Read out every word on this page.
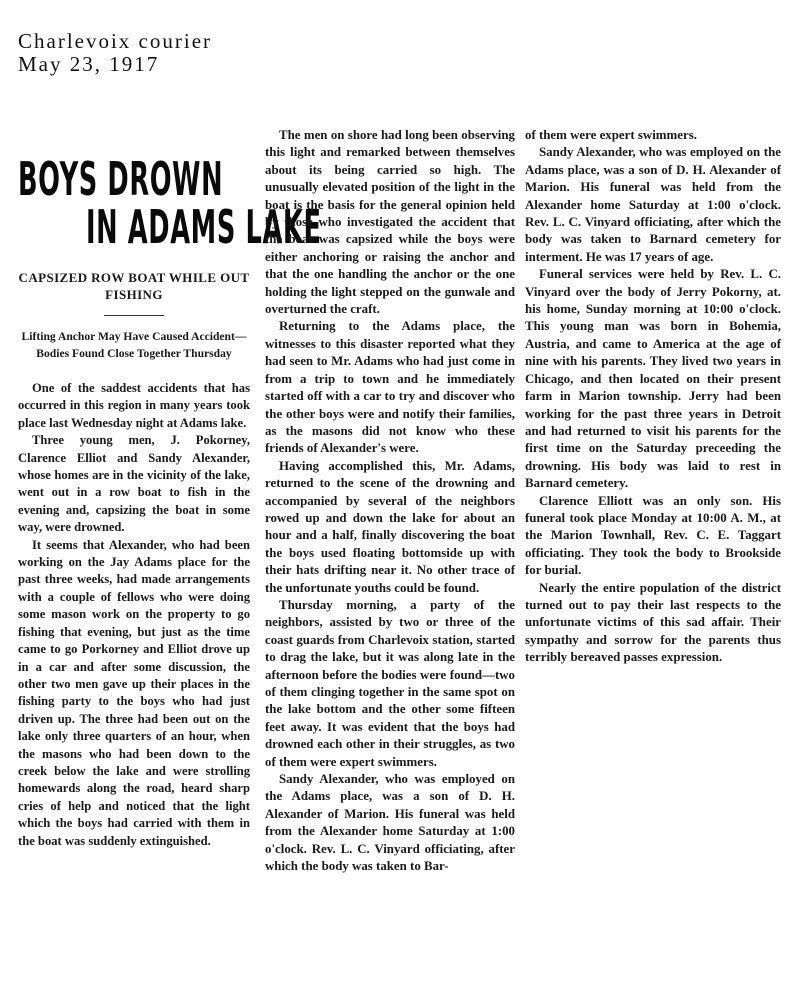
Charlevoix courier
May 23, 1917
BOYS DROWN
IN ADAMS LAKE
CAPSIZED ROW BOAT WHILE OUT FISHING
Lifting Anchor May Have Caused Accident—Bodies Found Close Together Thursday

One of the saddest accidents that has occurred in this region in many years took place last Wednesday night at Adams lake.

Three young men, J. Pokorney, Clarence Elliot and Sandy Alexander, whose homes are in the vicinity of the lake, went out in a row boat to fish in the evening and, capsizing the boat in some way, were drowned.

It seems that Alexander, who had been working on the Jay Adams place for the past three weeks, had made arrangements with a couple of fellows who were doing some mason work on the property to go fishing that evening, but just as the time came to go Porkorney and Elliot drove up in a car and after some discussion, the other two men gave up their places in the fishing party to the boys who had just driven up. The three had been out on the lake only three quarters of an hour, when the masons who had been down to the creek below the lake and were strolling homewards along the road, heard sharp cries of help and noticed that the light which the boys had carried with them in the boat was suddenly extinguished.

The men on shore had long been observing this light and remarked between themselves about its being carried so high. The unusually elevated position of the light in the boat is the basis for the general opinion held by those who investigated the accident that the boat was capsized while the boys were either anchoring or raising the anchor and that the one handling the anchor or the one holding the light stepped on the gunwale and overturned the craft.

Returning to the Adams place, the witnesses to this disaster reported what they had seen to Mr. Adams who had just come in from a trip to town and he immediately started off with a car to try and discover who the other boys were and notify their families, as the masons did not know who these friends of Alexander's were.

Having accomplished this, Mr. Adams, returned to the scene of the drowning and accompanied by several of the neighbors rowed up and down the lake for about an hour and a half, finally discovering the boat the boys used floating bottomside up with their hats drifting near it. No other trace of the unfortunate youths could be found.

Thursday morning, a party of the neighbors, assisted by two or three of the coast guards from Charlevoix station, started to drag the lake, but it was along late in the afternoon before the bodies were found—two of them clinging together in the same spot on the lake bottom and the other some fifteen feet away. It was evident that the boys had drowned each other in their struggles, as two of them were expert swimmers.

Sandy Alexander, who was employed on the Adams place, was a son of D. H. Alexander of Marion. His funeral was held from the Alexander home Saturday at 1:00 o'clock. Rev. L. C. Vinyard officiating, after which the body was taken to Bar-

of them were expert swimmers.

Sandy Alexander, who was employed on the Adams place, was a son of D. H. Alexander of Marion. His funeral was held from the Alexander home Saturday at 1:00 o'clock. Rev. L. C. Vinyard officiating, after which the body was taken to Barnard cemetery for interment. He was 17 years of age.

Funeral services were held by Rev. L. C. Vinyard over the body of Jerry Pokorny, at. his home, Sunday morning at 10:00 o'clock. This young man was born in Bohemia, Austria, and came to America at the age of nine with his parents. They lived two years in Chicago, and then located on their present farm in Marion township. Jerry had been working for the past three years in Detroit and had returned to visit his parents for the first time on the Saturday preceeding the drowning. His body was laid to rest in Barnard cemetery.

Clarence Elliott was an only son. His funeral took place Monday at 10:00 A. M., at the Marion Townhall, Rev. C. E. Taggart officiating. They took the body to Brookside for burial.

Nearly the entire population of the district turned out to pay their last respects to the unfortunate victims of this sad affair. Their sympathy and sorrow for the parents thus terribly bereaved passes expression.
